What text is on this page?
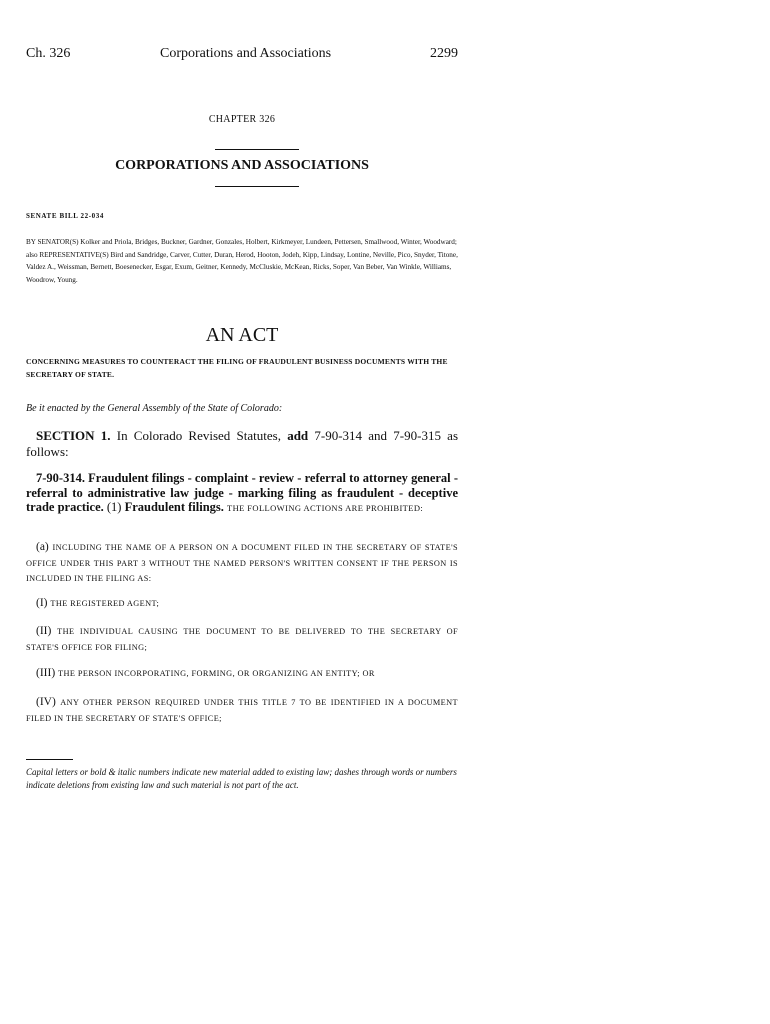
Ch. 326	Corporations and Associations	2299
CHAPTER 326
CORPORATIONS AND ASSOCIATIONS
SENATE BILL 22-034
BY SENATOR(S) Kolker and Priola, Bridges, Buckner, Gardner, Gonzales, Holbert, Kirkmeyer, Lundeen, Pettersen, Smallwood, Winter, Woodward;
also REPRESENTATIVE(S) Bird and Sandridge, Carver, Cutter, Duran, Herod, Hooton, Jodeh, Kipp, Lindsay, Lontine, Neville, Pico, Snyder, Titone, Valdez A., Weissman, Bernett, Boesenecker, Esgar, Exum, Geitner, Kennedy, McCluskie, McKean, Ricks, Soper, Van Beber, Van Winkle, Williams, Woodrow, Young.
AN ACT
CONCERNING MEASURES TO COUNTERACT THE FILING OF FRAUDULENT BUSINESS DOCUMENTS WITH THE SECRETARY OF STATE.
Be it enacted by the General Assembly of the State of Colorado:
SECTION 1. In Colorado Revised Statutes, add 7-90-314 and 7-90-315 as follows:
7-90-314. Fraudulent filings - complaint - review - referral to attorney general - referral to administrative law judge - marking filing as fraudulent - deceptive trade practice. (1) Fraudulent filings. THE FOLLOWING ACTIONS ARE PROHIBITED:
(a) INCLUDING THE NAME OF A PERSON ON A DOCUMENT FILED IN THE SECRETARY OF STATE'S OFFICE UNDER THIS PART 3 WITHOUT THE NAMED PERSON'S WRITTEN CONSENT IF THE PERSON IS INCLUDED IN THE FILING AS:
(I) THE REGISTERED AGENT;
(II) THE INDIVIDUAL CAUSING THE DOCUMENT TO BE DELIVERED TO THE SECRETARY OF STATE'S OFFICE FOR FILING;
(III) THE PERSON INCORPORATING, FORMING, OR ORGANIZING AN ENTITY; OR
(IV) ANY OTHER PERSON REQUIRED UNDER THIS TITLE 7 TO BE IDENTIFIED IN A DOCUMENT FILED IN THE SECRETARY OF STATE'S OFFICE;
Capital letters or bold & italic numbers indicate new material added to existing law; dashes through words or numbers indicate deletions from existing law and such material is not part of the act.
